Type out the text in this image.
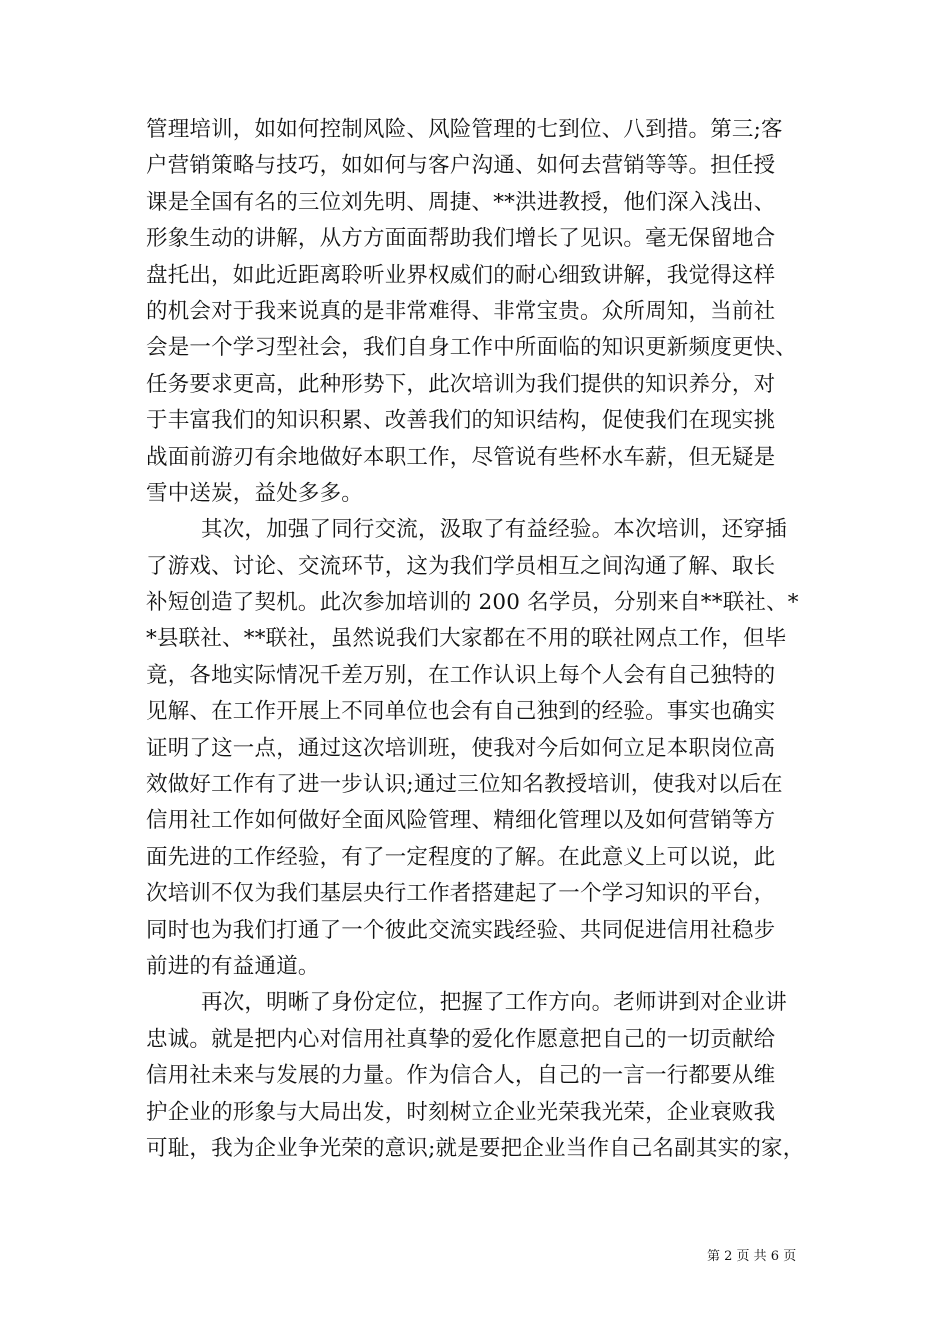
管理培训，如如何控制风险、风险管理的七到位、八到措。第三;客
户营销策略与技巧，如如何与客户沟通、如何去营销等等。担任授
课是全国有名的三位刘先明、周捷、**洪进教授，他们深入浅出、
形象生动的讲解，从方方面面帮助我们增长了见识。毫无保留地合
盘托出，如此近距离聆听业界权威们的耐心细致讲解，我觉得这样
的机会对于我来说真的是非常难得、非常宝贵。众所周知，当前社
会是一个学习型社会，我们自身工作中所面临的知识更新频度更快、
任务要求更高，此种形势下，此次培训为我们提供的知识养分，对
于丰富我们的知识积累、改善我们的知识结构，促使我们在现实挑
战面前游刃有余地做好本职工作，尽管说有些杯水车薪，但无疑是
雪中送炭，益处多多。
其次，加强了同行交流，汲取了有益经验。本次培训，还穿插
了游戏、讨论、交流环节，这为我们学员相互之间沟通了解、取长
补短创造了契机。此次参加培训的 200 名学员，分别来自**联社、*
*县联社、**联社，虽然说我们大家都在不用的联社网点工作，但毕
竟，各地实际情况千差万别，在工作认识上每个人会有自己独特的
见解、在工作开展上不同单位也会有自己独到的经验。事实也确实
证明了这一点，通过这次培训班，使我对今后如何立足本职岗位高
效做好工作有了进一步认识;通过三位知名教授培训，使我对以后在
信用社工作如何做好全面风险管理、精细化管理以及如何营销等方
面先进的工作经验，有了一定程度的了解。在此意义上可以说，此
次培训不仅为我们基层央行工作者搭建起了一个学习知识的平台，
同时也为我们打通了一个彼此交流实践经验、共同促进信用社稳步
前进的有益通道。
再次，明晰了身份定位，把握了工作方向。老师讲到对企业讲
忠诚。就是把内心对信用社真挚的爱化作愿意把自己的一切贡献给
信用社未来与发展的力量。作为信合人，自己的一言一行都要从维
护企业的形象与大局出发，时刻树立企业光荣我光荣，企业衰败我
可耻，我为企业争光荣的意识;就是要把企业当作自己名副其实的家，
第 2 页 共 6 页
